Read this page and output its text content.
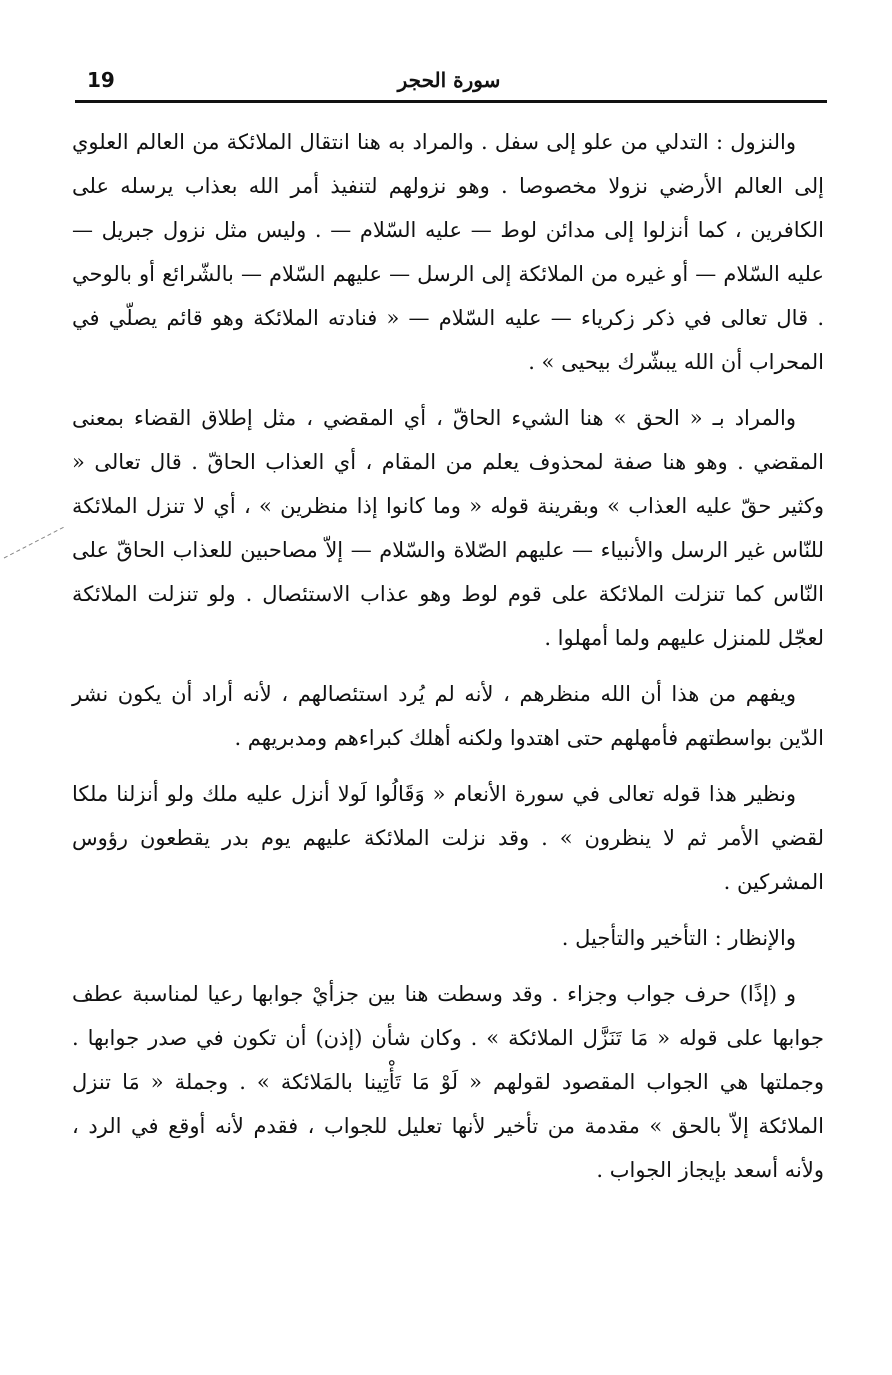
19	سورة الحجر

والنزول : التدلي من علو إلى سفل . والمراد به هنا انتقال الملائكة من العالم العلوي إلى العالم الأرضي نزولا مخصوصا . وهو نزولهم لتنفيذ أمر الله بعذاب يرسله على الكافرين ، كما أنزلوا إلى مدائن لوط — عليه السّلام — . وليس مثل نزول جبريل — عليه السّلام — أو غيره من الملائكة إلى الرسل — عليهم السّلام — بالشّرائع أو بالوحي . قال تعالى في ذكر زكرياء — عليه السّلام — « فنادته الملائكة وهو قائم يصلّي في المحراب أن الله يبشّرك بيحيى » .

والمراد بـ « الحق » هنا الشيء الحاقّ ، أي المقضي ، مثل إطلاق القضاء بمعنى المقضي . وهو هنا صفة لمحذوف يعلم من المقام ، أي العذاب الحاقّ . قال تعالى « وكثير حقّ عليه العذاب » وبقرينة قوله « وما كانوا إذا منظرين » ، أي لا تنزل الملائكة للنّاس غير الرسل والأنبياء — عليهم الصّلاة والسّلام — إلاّ مصاحبين للعذاب الحاقّ على النّاس كما تنزلت الملائكة على قوم لوط وهو عذاب الاستئصال . ولو تنزلت الملائكة لعجّل للمنزل عليهم ولما أمهلوا .

ويفهم من هذا أن الله منظرهم ، لأنه لم يُرد استئصالهم ، لأنه أراد أن يكون نشر الدّين بواسطتهم فأمهلهم حتى اهتدوا ولكنه أهلك كبراءهم ومدبريهم .

ونظير هذا قوله تعالى في سورة الأنعام « وَقَالُوا لَولا أنزل عليه ملك ولو أنزلنا ملكا لقضي الأمر ثم لا ينظرون » . وقد نزلت الملائكة عليهم يوم بدر يقطعون رؤوس المشركين .

والإنظار : التأخير والتأجيل .

و (إذًا) حرف جواب وجزاء . وقد وسطت هنا بين جزأيْ جوابها رعيا لمناسبة عطف جوابها على قوله « مَا تَنَزَّل الملائكة » . وكان شأن (إذن) أن تكون في صدر جوابها . وجملتها هي الجواب المقصود لقولهم « لَوْ مَا تَأْتِينا بالمَلائكة » . وجملة « مَا تنزل الملائكة إلاّ بالحق » مقدمة من تأخير لأنها تعليل للجواب ، فقدم لأنه أوقع في الرد ، ولأنه أسعد بإيجاز الجواب .
